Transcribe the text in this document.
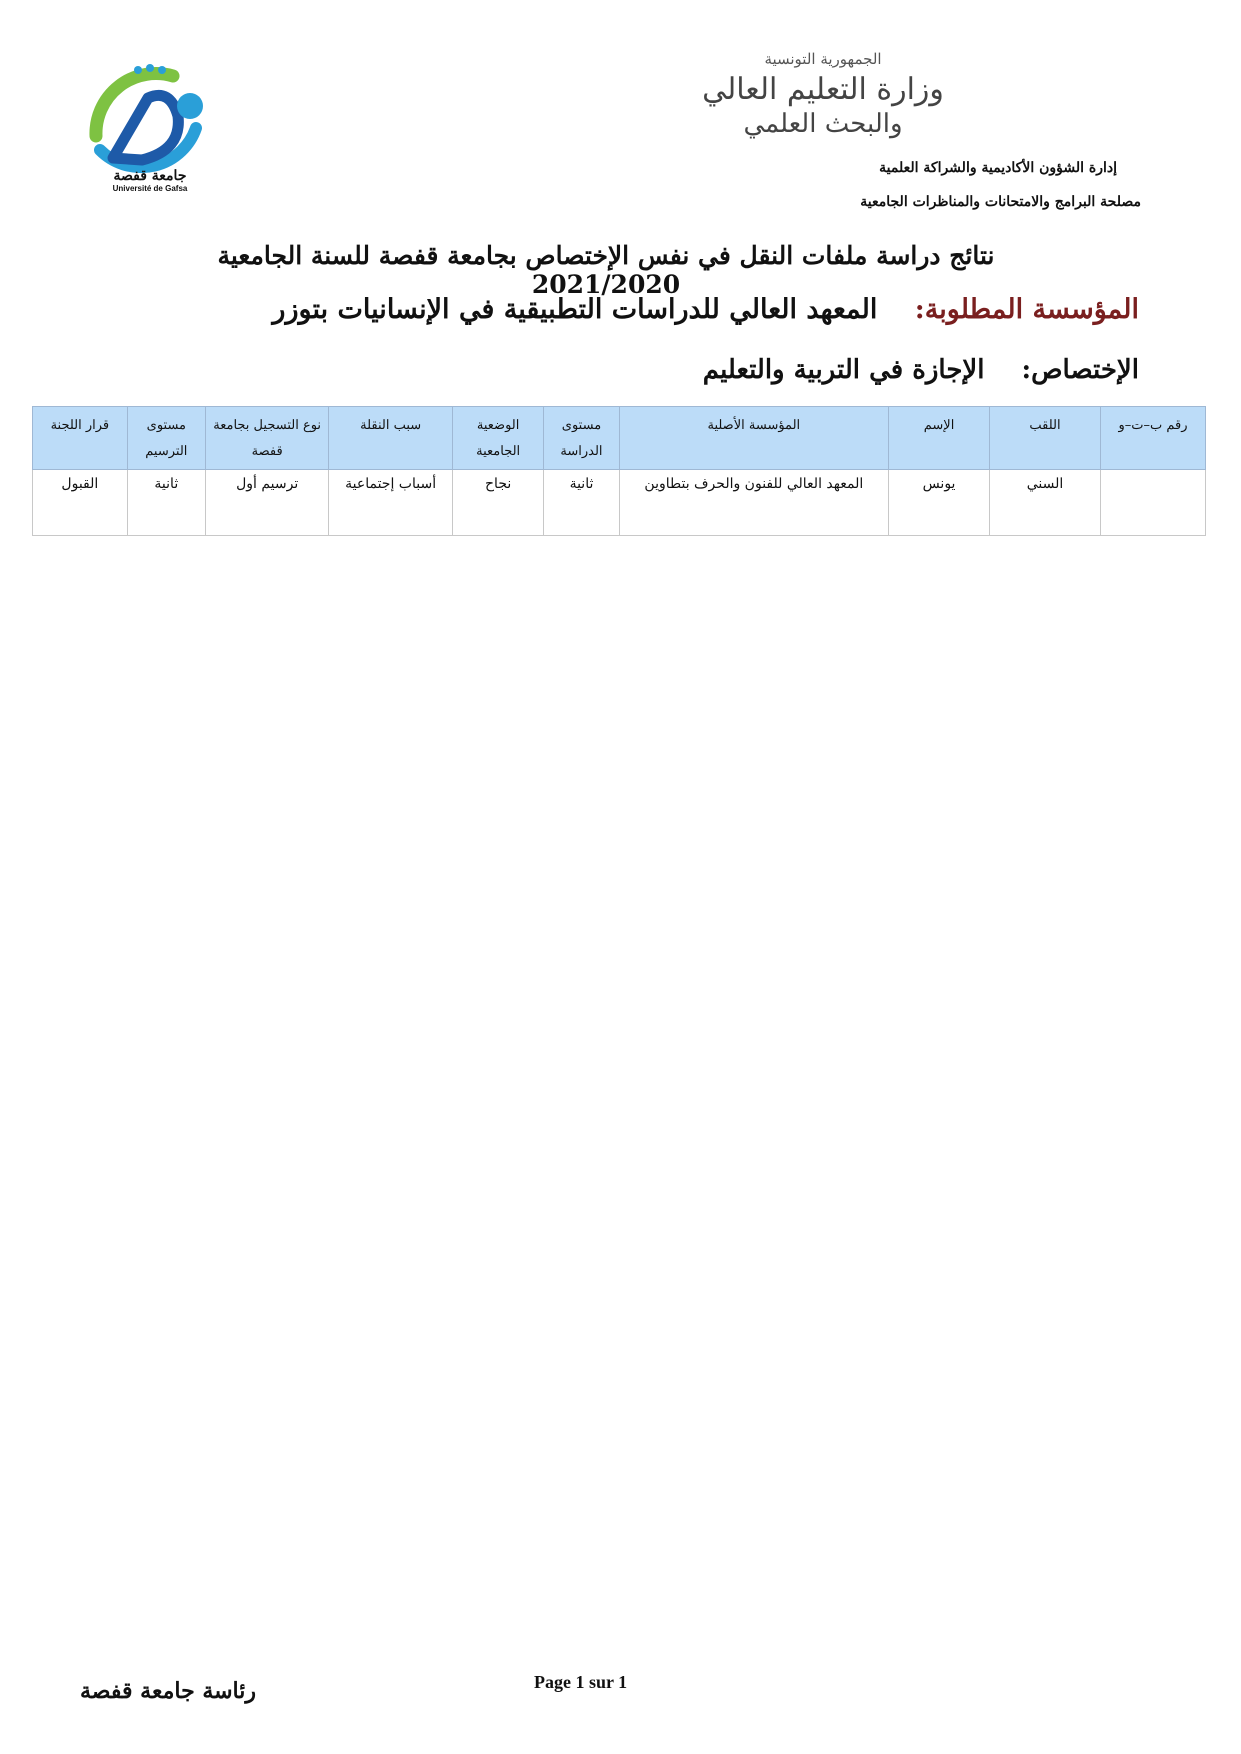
الجمهورية التونسية
وزارة التعليم العالي
والبحث العلمي
إدارة الشؤون الأكاديمية والشراكة العلمية
مصلحة البرامج والامتحانات والمناظرات الجامعية
جامعة قفصة
Université de Gafsa
نتائج دراسة ملفات النقل في نفس الإختصاص بجامعة قفصة للسنة الجامعية 2021/2020
المؤسسة المطلوبة: المعهد العالي للدراسات التطبيقية في الإنسانيات بتوزر
الإختصاص: الإجازة في التربية والتعليم
رقم ب–ت–و	اللقب	الإسم	المؤسسة الأصلية	مستوى الدراسة	الوضعية الجامعية	سبب النقلة	نوع التسجيل بجامعة قفصة	مستوى الترسيم	قرار اللجنة
	السني	يونس	المعهد العالي للفنون والحرف بتطاوين	ثانية	نجاح	أسباب إجتماعية	ترسيم أول	ثانية	القبول
Page 1 sur 1
رئاسة جامعة قفصة
